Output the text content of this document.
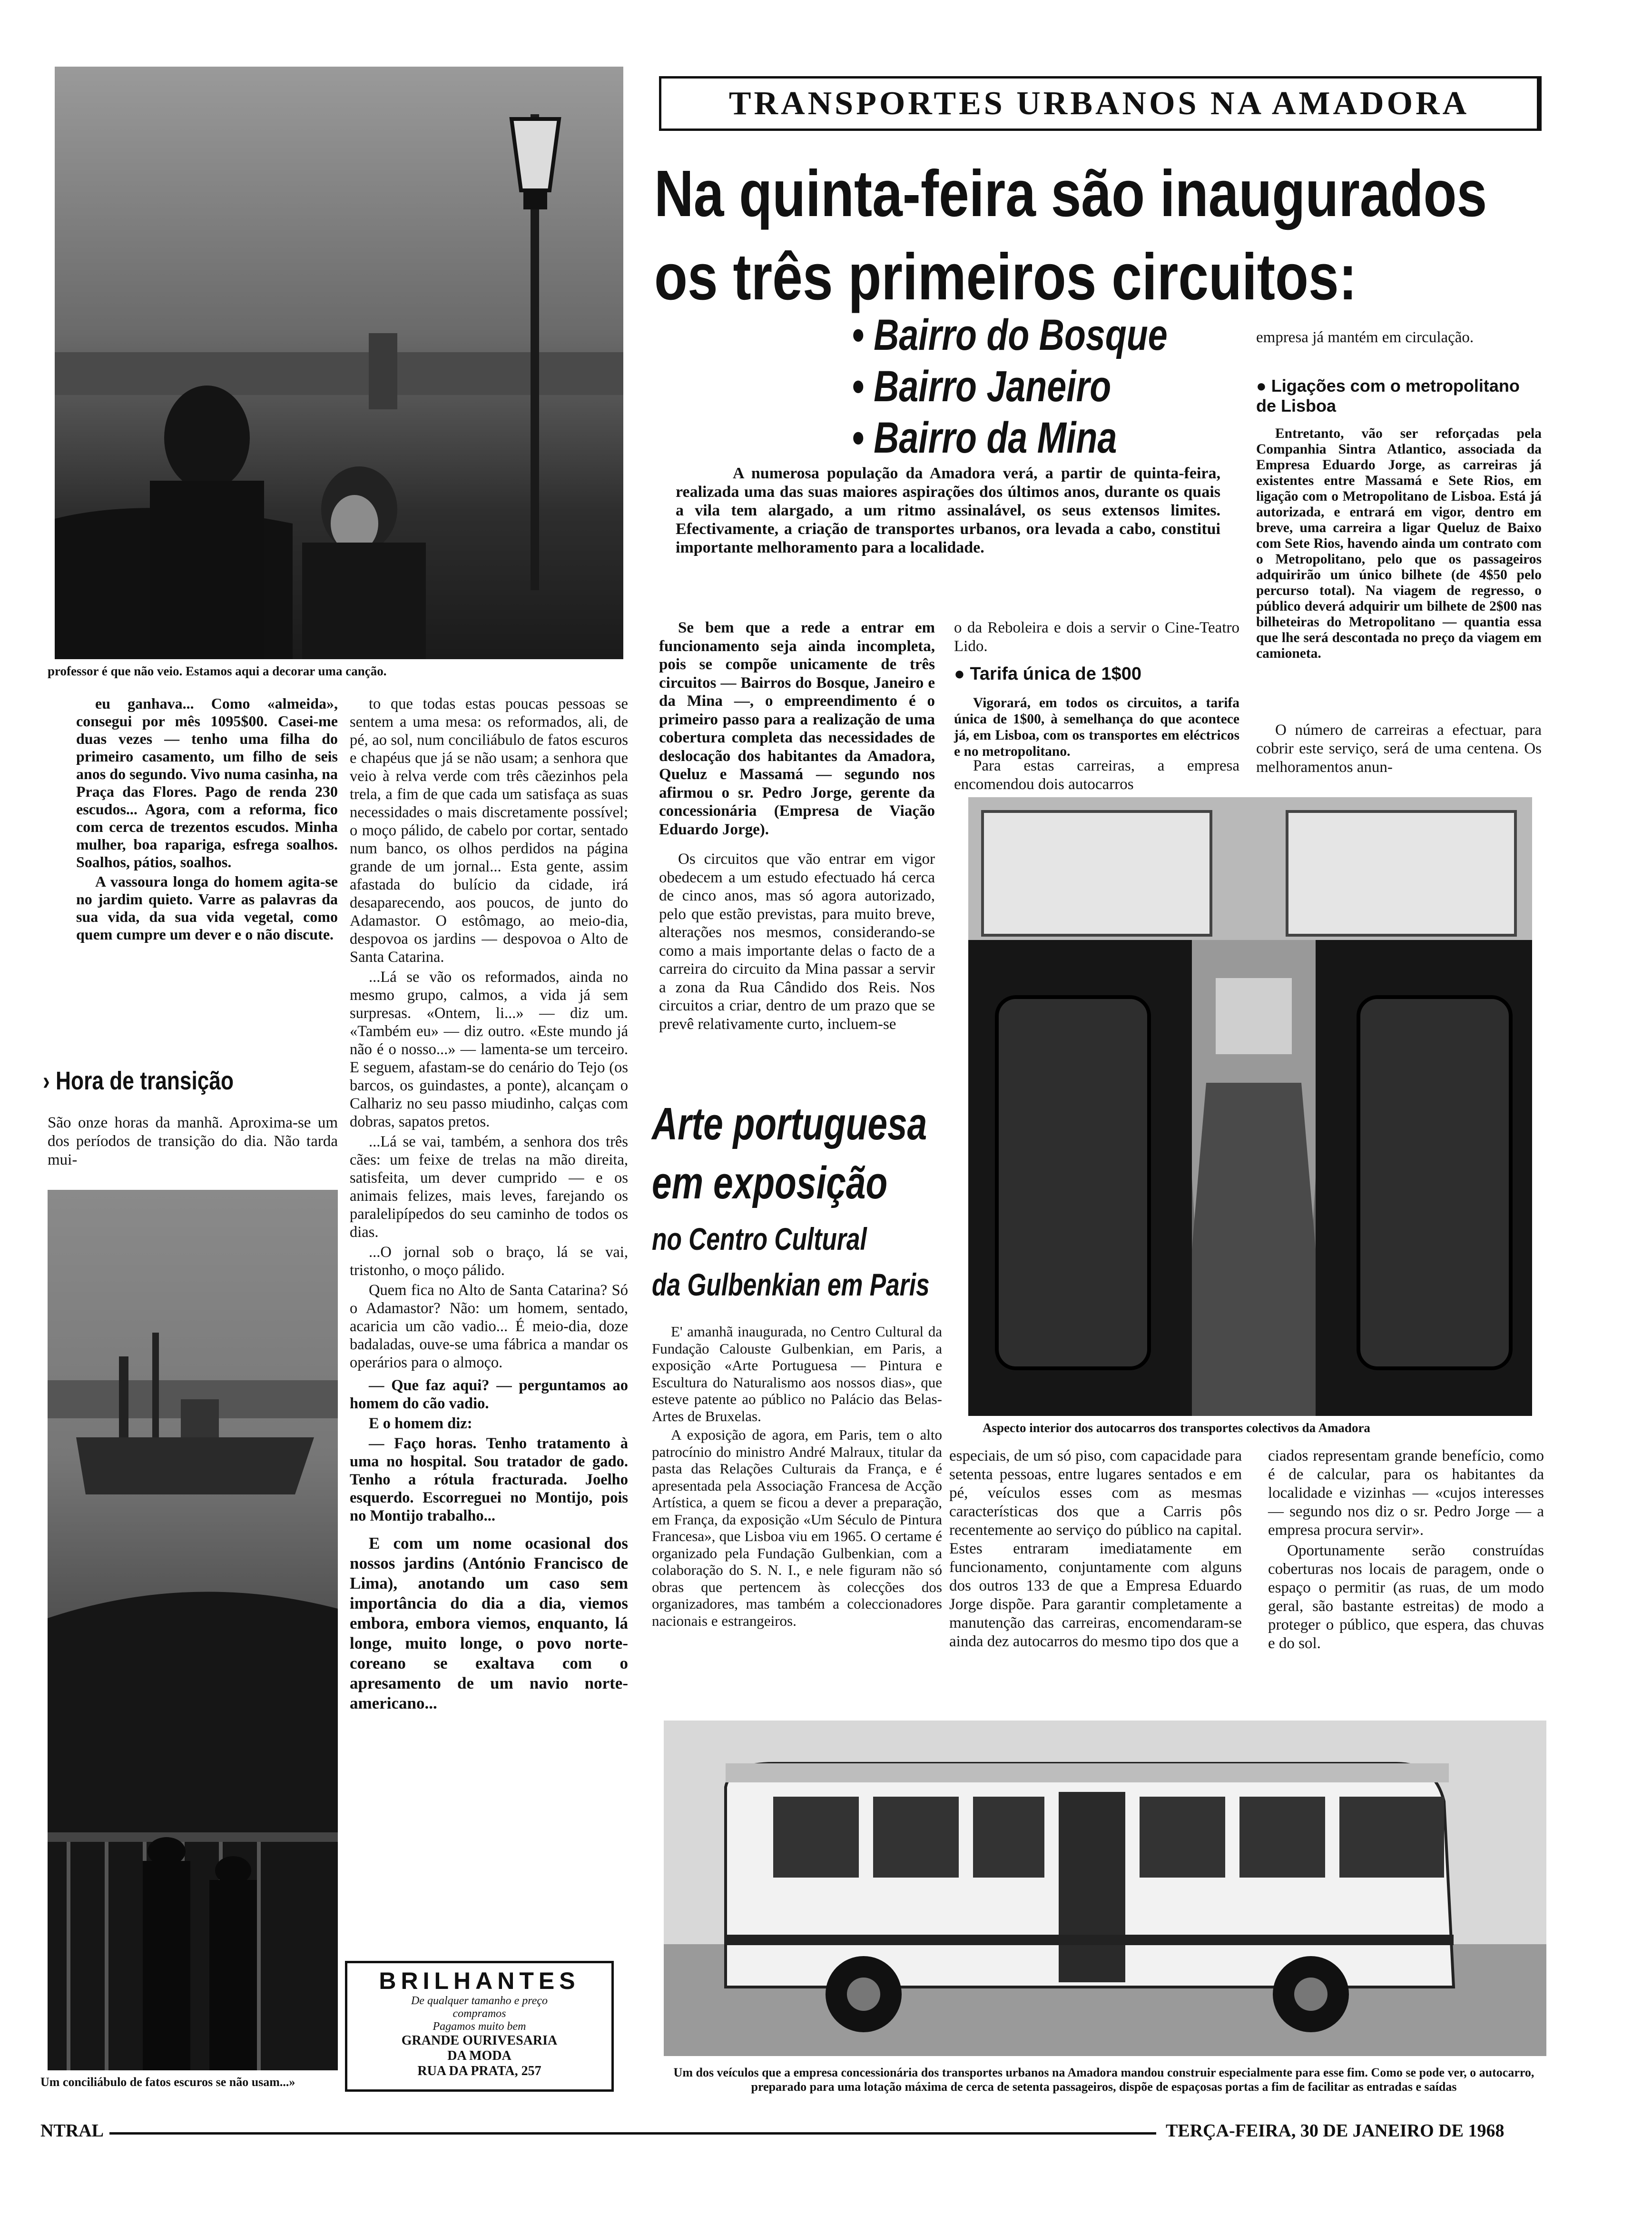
professor é que não veio. Estamos aqui a decorar uma canção.

eu ganhava... Como «almeida», consegui por mês 1095$00. Casei-me duas vezes — tenho uma filha do primeiro casamento, um filho de seis anos do segundo. Vivo numa casinha, na Praça das Flores. Pago de renda 230 escudos... Agora, com a reforma, fico com cerca de trezentos escudos. Minha mulher, boa rapariga, esfrega soalhos. Soalhos, pátios, soalhos.

A vassoura longa do homem agita-se no jardim quieto. Varre as palavras da sua vida, da sua vida vegetal, como quem cumpre um dever e o não discute.

› Hora de transição
São onze horas da manhã. Aproxima-se um dos períodos de transição do dia. Não tarda mui-
Um conciliábulo de fatos escuros se não usam...»

to que todas estas poucas pessoas se sentem a uma mesa: os reformados, ali, de pé, ao sol, num conciliábulo de fatos escuros e chapéus que já se não usam; a senhora que veio à relva verde com três cãezinhos pela trela, a fim de que cada um satisfaça as suas necessidades o mais discretamente possível; o moço pálido, de cabelo por cortar, sentado num banco, os olhos perdidos na página grande de um jornal... Esta gente, assim afastada do bulício da cidade, irá desaparecendo, aos poucos, de junto do Adamastor. O estômago, ao meio-dia, despovoa os jardins — despovoa o Alto de Santa Catarina.

...Lá se vão os reformados, ainda no mesmo grupo, calmos, a vida já sem surpresas. «Ontem, li...» — diz um. «Também eu» — diz outro. «Este mundo já não é o nosso...» — lamenta-se um terceiro. E seguem, afastam-se do cenário do Tejo (os barcos, os guindastes, a ponte), alcançam o Calhariz no seu passo miudinho, calças com dobras, sapatos pretos.

...Lá se vai, também, a senhora dos três cães: um feixe de trelas na mão direita, satisfeita, um dever cumprido — e os animais felizes, mais leves, farejando os paralelipípedos do seu caminho de todos os dias.

...O jornal sob o braço, lá se vai, tristonho, o moço pálido.

Quem fica no Alto de Santa Catarina? Só o Adamastor? Não: um homem, sentado, acaricia um cão vadio... É meio-dia, doze badaladas, ouve-se uma fábrica a mandar os operários para o almoço.

— Que faz aqui? — perguntamos ao homem do cão vadio.

E o homem diz:

— Faço horas. Tenho tratamento à uma no hospital. Sou tratador de gado. Tenho a rótula fracturada. Joelho esquerdo. Escorreguei no Montijo, pois no Montijo trabalho...

E com um nome ocasional dos nossos jardins (António Francisco de Lima), anotando um caso sem importância do dia a dia, viemos embora, embora viemos, enquanto, lá longe, muito longe, o povo norte-coreano se exaltava com o apresamento de um navio norte-americano...

BRILHANTES
De qualquer tamanho e preço
compramos
Pagamos muito bem
GRANDE OURIVESARIA
DA MODA
RUA DA PRATA, 257
TRANSPORTES URBANOS NA AMADORA
Na quinta-feira são inaugurados
os três primeiros circuitos:
• Bairro do Bosque
• Bairro Janeiro
• Bairro da Mina

A numerosa população da Amadora verá, a partir de quinta-feira, realizada uma das suas maiores aspirações dos últimos anos, durante os quais a vila tem alargado, a um ritmo assinalável, os seus extensos limites. Efectivamente, a criação de transportes urbanos, ora levada a cabo, constitui importante melhoramento para a localidade.

empresa já mantém em circulação.
● Ligações com o metropolitano de Lisboa

Entretanto, vão ser reforçadas pela Companhia Sintra Atlantico, associada da Empresa Eduardo Jorge, as carreiras já existentes entre Massamá e Sete Rios, em ligação com o Metropolitano de Lisboa. Está já autorizada, e entrará em vigor, dentro em breve, uma carreira a ligar Queluz de Baixo com Sete Rios, havendo ainda um contrato com o Metropolitano, pelo que os passageiros adquirirão um único bilhete (de 4$50 pelo percurso total). Na viagem de regresso, o público deverá adquirir um bilhete de 2$00 nas bilheteiras do Metropolitano — quantia essa que lhe será descontada no preço da viagem em camioneta.

O número de carreiras a efectuar, para cobrir este serviço, será de uma centena. Os melhoramentos anun-

Se bem que a rede a entrar em funcionamento seja ainda incompleta, pois se compõe unicamente de três circuitos — Bairros do Bosque, Janeiro e da Mina —, o empreendimento é o primeiro passo para a realização de uma cobertura completa das necessidades de deslocação dos habitantes da Amadora, Queluz e Massamá — segundo nos afirmou o sr. Pedro Jorge, gerente da concessionária (Empresa de Viação Eduardo Jorge).

Os circuitos que vão entrar em vigor obedecem a um estudo efectuado há cerca de cinco anos, mas só agora autorizado, pelo que estão previstas, para muito breve, alterações nos mesmos, considerando-se como a mais importante delas o facto de a carreira do circuito da Mina passar a servir a zona da Rua Cândido dos Reis. Nos circuitos a criar, dentro de um prazo que se prevê relativamente curto, incluem-se

o da Reboleira e dois a servir o Cine-Teatro Lido.

● Tarifa única de 1$00

Vigorará, em todos os circuitos, a tarifa única de 1$00, à semelhança do que acontece já, em Lisboa, com os transportes em eléctricos e no metropolitano.

Para estas carreiras, a empresa encomendou dois autocarros

Aspecto interior dos autocarros dos transportes colectivos da Amadora
Arte portuguesa
em exposição
no Centro Cultural
da Gulbenkian em Paris

E' amanhã inaugurada, no Centro Cultural da Fundação Calouste Gulbenkian, em Paris, a exposição «Arte Portuguesa — Pintura e Escultura do Naturalismo aos nossos dias», que esteve patente ao público no Palácio das Belas-Artes de Bruxelas.

A exposição de agora, em Paris, tem o alto patrocínio do ministro André Malraux, titular da pasta das Relações Culturais da França, e é apresentada pela Associação Francesa de Acção Artística, a quem se ficou a dever a preparação, em França, da exposição «Um Século de Pintura Francesa», que Lisboa viu em 1965. O certame é organizado pela Fundação Gulbenkian, com a colaboração do S. N. I., e nele figuram não só obras que pertencem às colecções dos organizadores, mas também a coleccionadores nacionais e estrangeiros.

especiais, de um só piso, com capacidade para setenta pessoas, entre lugares sentados e em pé, veículos esses com as mesmas características dos que a Carris pôs recentemente ao serviço do público na capital. Estes entraram imediatamente em funcionamento, conjuntamente com alguns dos outros 133 de que a Empresa Eduardo Jorge dispõe. Para garantir completamente a manutenção das carreiras, encomendaram-se ainda dez autocarros do mesmo tipo dos que a

ciados representam grande benefício, como é de calcular, para os habitantes da localidade e vizinhas — «cujos interesses — segundo nos diz o sr. Pedro Jorge — a empresa procura servir».

Oportunamente serão construídas coberturas nos locais de paragem, onde o espaço o permitir (as ruas, de um modo geral, são bastante estreitas) de modo a proteger o público, que espera, das chuvas e do sol.

Um dos veículos que a empresa concessionária dos transportes urbanos na Amadora mandou construir especialmente para esse fim. Como se pode ver, o autocarro, preparado para uma lotação máxima de cerca de setenta passageiros, dispõe de espaçosas portas a fim de facilitar as entradas e saídas
NTRAL	TERÇA-FEIRA, 30 DE JANEIRO DE 1968
